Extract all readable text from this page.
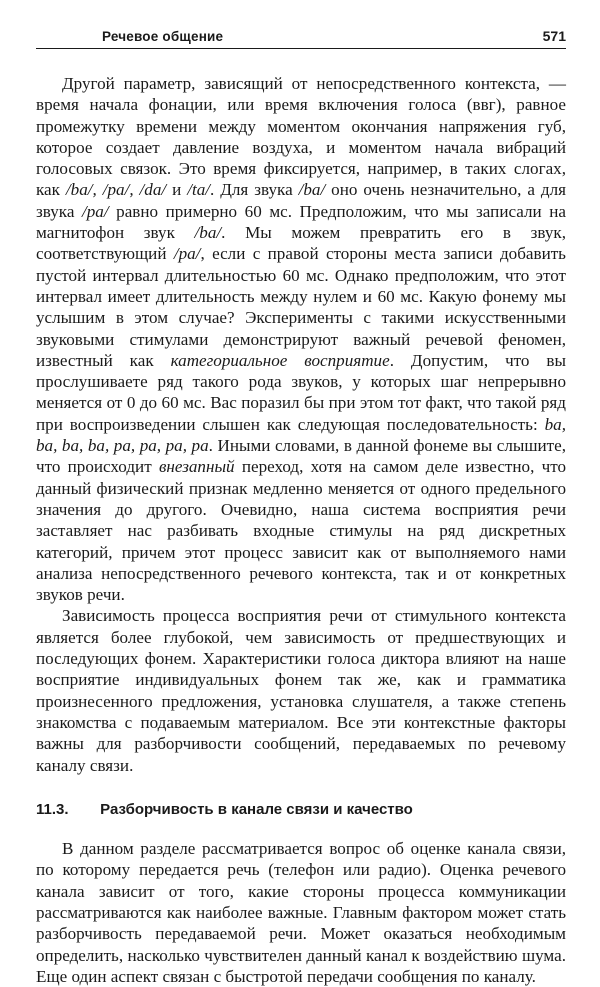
Речевое общение	571

Другой параметр, зависящий от непосредственного контекста, — время начала фонации, или время включения голоса (ввг), равное промежутку времени между моментом окончания напряжения губ, которое создает давление воздуха, и моментом начала вибраций голосовых связок. Это время фиксируется, например, в таких слогах, как /ba/, /pa/, /da/ и /ta/. Для звука /ba/ оно очень незначительно, а для звука /pa/ равно примерно 60 мс. Предположим, что мы записали на магнитофон звук /ba/. Мы можем превратить его в звук, соответствующий /pa/, если с правой стороны места записи добавить пустой интервал длительностью 60 мс. Однако предположим, что этот интервал имеет длительность между нулем и 60 мс. Какую фонему мы услышим в этом случае? Эксперименты с такими искусственными звуковыми стимулами демонстрируют важный речевой феномен, известный как категориальное восприятие. Допустим, что вы прослушиваете ряд такого рода звуков, у которых шаг непрерывно меняется от 0 до 60 мс. Вас поразил бы при этом тот факт, что такой ряд при воспроизведении слышен как следующая последовательность: ba, ba, ba, ba, pa, pa, pa, pa. Иными словами, в данной фонеме вы слышите, что происходит внезапный переход, хотя на самом деле известно, что данный физический признак медленно меняется от одного предельного значения до другого. Очевидно, наша система восприятия речи заставляет нас разбивать входные стимулы на ряд дискретных категорий, причем этот процесс зависит как от выполняемого нами анализа непосредственного речевого контекста, так и от конкретных звуков речи.

Зависимость процесса восприятия речи от стимульного контекста является более глубокой, чем зависимость от предшествующих и последующих фонем. Характеристики голоса диктора влияют на наше восприятие индивидуальных фонем так же, как и грамматика произнесенного предложения, установка слушателя, а также степень знакомства с подаваемым материалом. Все эти контекстные факторы важны для разборчивости сообщений, передаваемых по речевому каналу связи.

11.3. Разборчивость в канале связи и качество

В данном разделе рассматривается вопрос об оценке канала связи, по которому передается речь (телефон или радио). Оценка речевого канала зависит от того, какие стороны процесса коммуникации рассматриваются как наиболее важные. Главным фактором может стать разборчивость передаваемой речи. Может оказаться необходимым определить, насколько чувствителен данный канал к воздействию шума. Еще один аспект связан с быстротой передачи сообщения по каналу.
